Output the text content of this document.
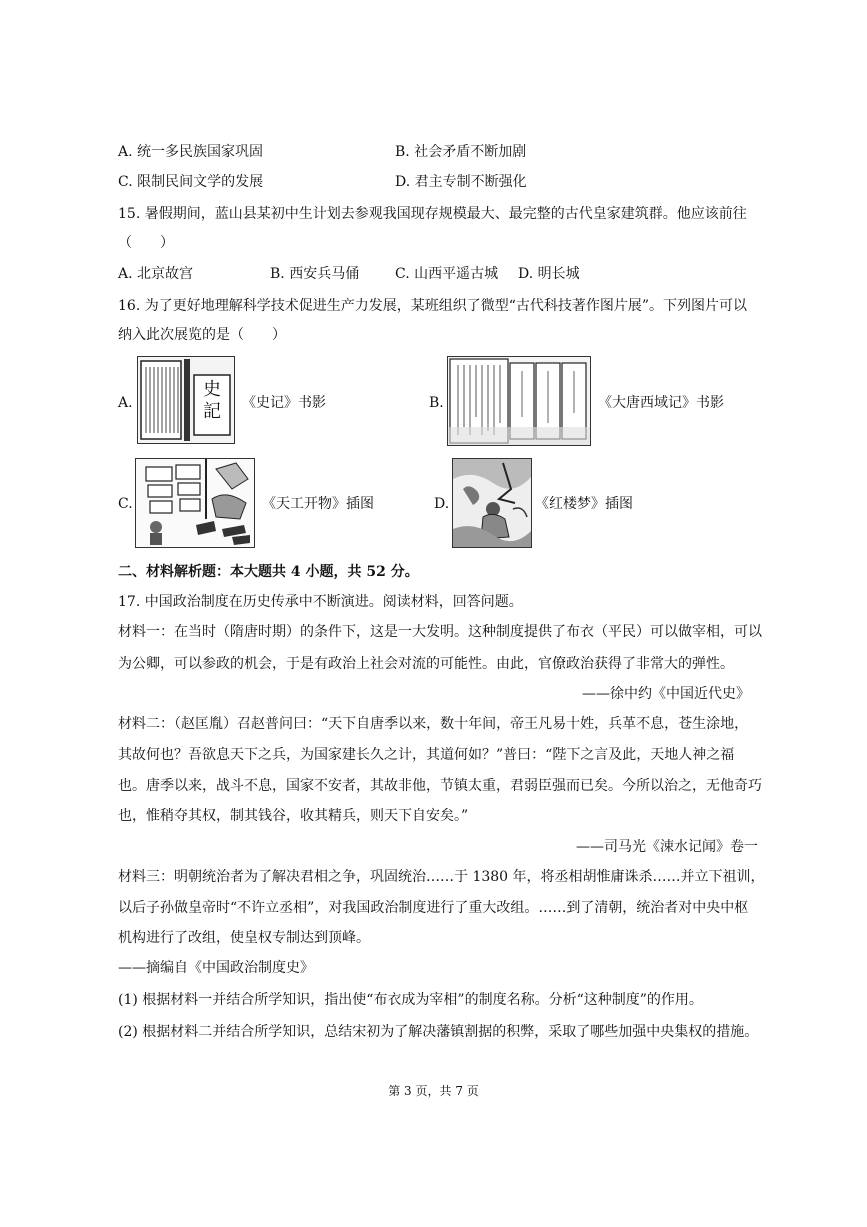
A. 统一多民族国家巩固	B. 社会矛盾不断加剧
C. 限制民间文学的发展	D. 君主专制不断强化
15. 暑假期间，蓝山县某初中生计划去参观我国现存规模最大、最完整的古代皇家建筑群。他应该前往
（　　）
A. 北京故宫	B. 西安兵马俑	C. 山西平遥古城 D. 明长城
16. 为了更好地理解科学技术促进生产力发展，某班组织了微型“古代科技著作图片展”。下列图片可以
纳入此次展览的是（　　）
A.
史記	《史记》书影	B.	《大唐西域记》书影
C.	《天工开物》插图	D.	《红楼梦》插图
二、材料解析题：本大题共 4 小题，共 52 分。
17. 中国政治制度在历史传承中不断演进。阅读材料，回答问题。
材料一：在当时（隋唐时期）的条件下，这是一大发明。这种制度提供了布衣（平民）可以做宰相，可以
为公卿，可以参政的机会，于是有政治上社会对流的可能性。由此，官僚政治获得了非常大的弹性。
——徐中约《中国近代史》
材料二：（赵匡胤）召赵普问曰：“天下自唐季以来，数十年间，帝王凡易十姓，兵革不息，苍生涂地，
其故何也？吾欲息天下之兵，为国家建长久之计，其道何如？”普曰：“陛下之言及此，天地人神之福
也。唐季以来，战斗不息，国家不安者，其故非他，节镇太重，君弱臣强而已矣。今所以治之，无他奇巧
也，惟稍夺其权，制其钱谷，收其精兵，则天下自安矣。”
——司马光《涑水记闻》卷一
材料三：明朝统治者为了解决君相之争，巩固统治……于 1380 年，将丞相胡惟庸诛杀……并立下祖训，
以后子孙做皇帝时“不许立丞相”，对我国政治制度进行了重大改组。……到了清朝，统治者对中央中枢
机构进行了改组，使皇权专制达到顶峰。
——摘编自《中国政治制度史》
(1) 根据材料一并结合所学知识，指出使“布衣成为宰相”的制度名称。分析“这种制度”的作用。
(2) 根据材料二并结合所学知识，总结宋初为了解决藩镇割据的积弊，采取了哪些加强中央集权的措施。
第 3 页，共 7 页
